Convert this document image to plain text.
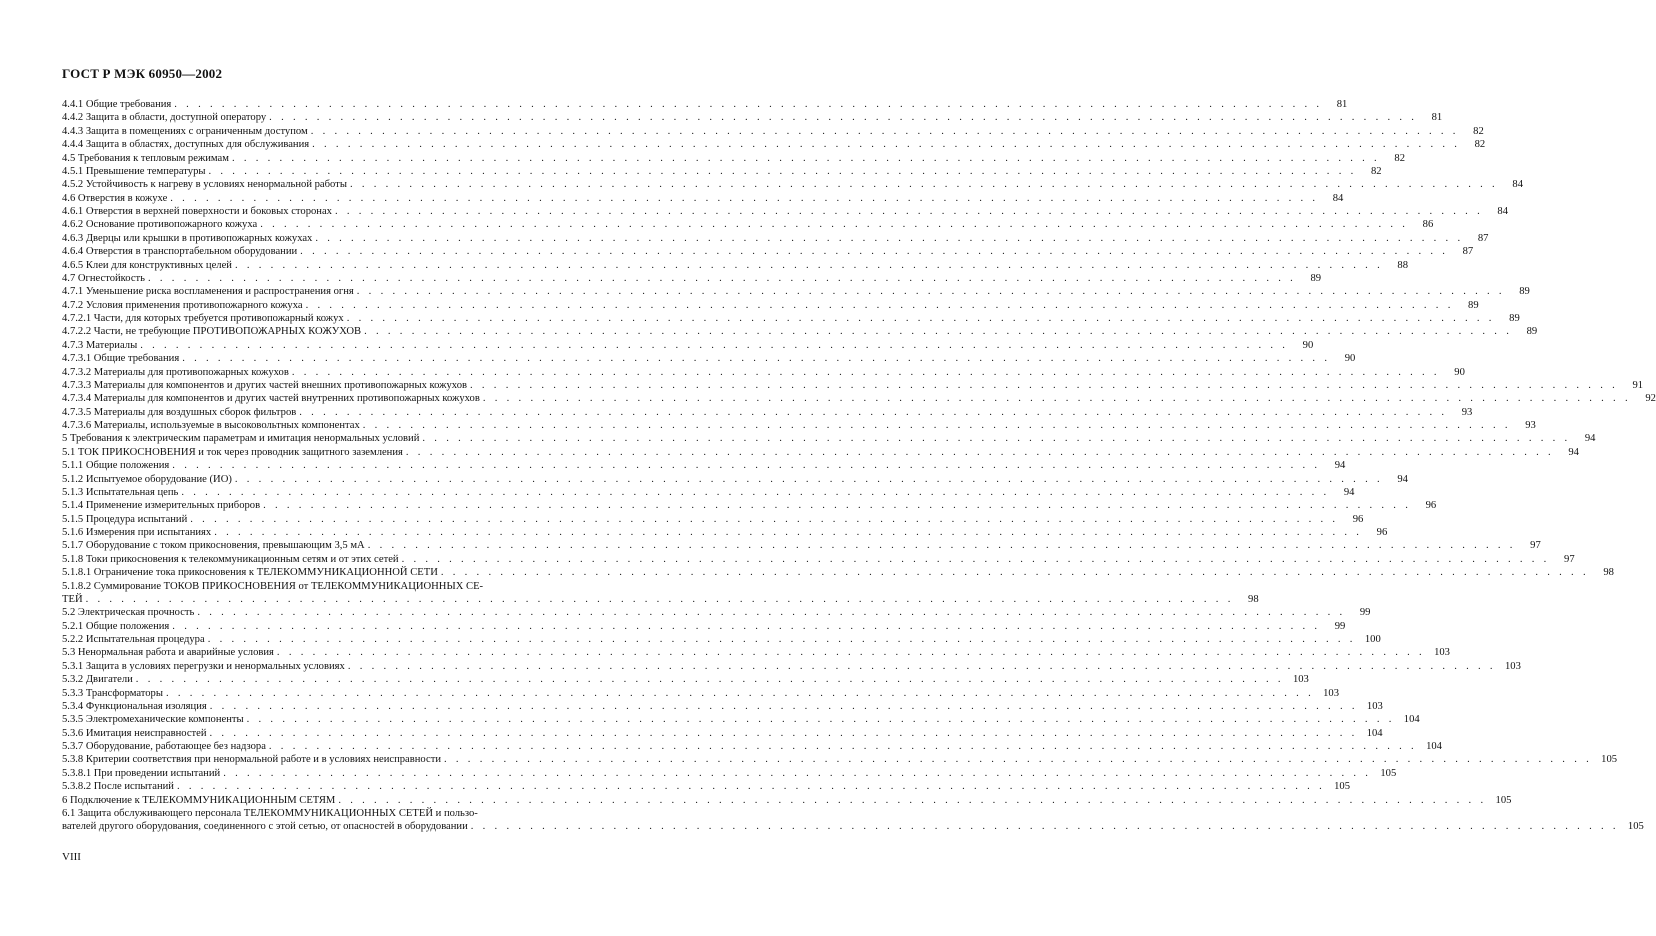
ГОСТ Р МЭК 60950—2002
4.4.1 Общие требования . . .	81
4.4.2 Защита в области, доступной оператору . . .	81
4.4.3 Защита в помещениях с ограниченным доступом . . .	82
4.4.4 Защита в областях, доступных для обслуживания . . .	82
4.5 Требования к тепловым режимам . . .	82
4.5.1 Превышение температуры . . .	82
4.5.2 Устойчивость к нагреву в условиях ненормальной работы . . .	84
4.6 Отверстия в кожухе . . .	84
4.6.1 Отверстия в верхней поверхности и боковых сторонах . . .	84
4.6.2 Основание противопожарного кожуха . . .	86
4.6.3 Дверцы или крышки в противопожарных кожухах . . .	87
4.6.4 Отверстия в транспортабельном оборудовании . . .	87
4.6.5 Клеи для конструктивных целей . . .	88
4.7 Огнестойкость . . .	89
4.7.1 Уменьшение риска воспламенения и распространения огня . . .	89
4.7.2 Условия применения противопожарного кожуха . . .	89
4.7.2.1 Части, для которых требуется противопожарный кожух . . .	89
4.7.2.2 Части, не требующие ПРОТИВОПОЖАРНЫХ КОЖУХОВ . . .	89
4.7.3 Материалы . . .	90
4.7.3.1 Общие требования . . .	90
4.7.3.2 Материалы для противопожарных кожухов . . .	90
4.7.3.3 Материалы для компонентов и других частей внешних противопожарных кожухов . . .	91
4.7.3.4 Материалы для компонентов и других частей внутренних противопожарных кожухов . . .	92
4.7.3.5 Материалы для воздушных сборок фильтров . . .	93
4.7.3.6 Материалы, используемые в высоковольтных компонентах . . .	93
5 Требования к электрическим параметрам и имитация ненормальных условий . . .	94
5.1 ТОК ПРИКОСНОВЕНИЯ и ток через проводник защитного заземления . . .	94
5.1.1 Общие положения . . .	94
5.1.2 Испытуемое оборудование (ИО) . . .	94
5.1.3 Испытательная цепь . . .	94
5.1.4 Применение измерительных приборов . . .	96
5.1.5 Процедура испытаний . . .	96
5.1.6 Измерения при испытаниях . . .	96
5.1.7 Оборудование с током прикосновения, превышающим 3,5 мА . . .	97
5.1.8 Токи прикосновения к телекоммуникационным сетям и от этих сетей . . .	97
5.1.8.1 Ограничение тока прикосновения к ТЕЛЕКОММУНИКАЦИОННОЙ СЕТИ . . .	98
5.1.8.2 Суммирование ТОКОВ ПРИКОСНОВЕНИЯ от ТЕЛЕКОММУНИКАЦИОННЫХ СЕ-
ТЕЙ . . .	98
5.2 Электрическая прочность . . .	99
5.2.1 Общие положения . . .	99
5.2.2 Испытательная процедура . . .	100
5.3 Ненормальная работа и аварийные условия . . .	103
5.3.1 Защита в условиях перегрузки и ненормальных условиях . . .	103
5.3.2 Двигатели . . .	103
5.3.3 Трансформаторы . . .	103
5.3.4 Функциональная изоляция . . .	103
5.3.5 Электромеханические компоненты . . .	104
5.3.6 Имитация неисправностей . . .	104
5.3.7 Оборудование, работающее без надзора . . .	104
5.3.8 Критерии соответствия при ненормальной работе и в условиях неисправности . . .	105
5.3.8.1 При проведении испытаний . . .	105
5.3.8.2 После испытаний . . .	105
6 Подключение к ТЕЛЕКОММУНИКАЦИОННЫМ СЕТЯМ . . .	105
6.1 Защита обслуживающего персонала ТЕЛЕКОММУНИКАЦИОННЫХ СЕТЕЙ и пользо-
вателей другого оборудования, соединенного с этой сетью, от опасностей в оборудовании . . .	105
VIII
